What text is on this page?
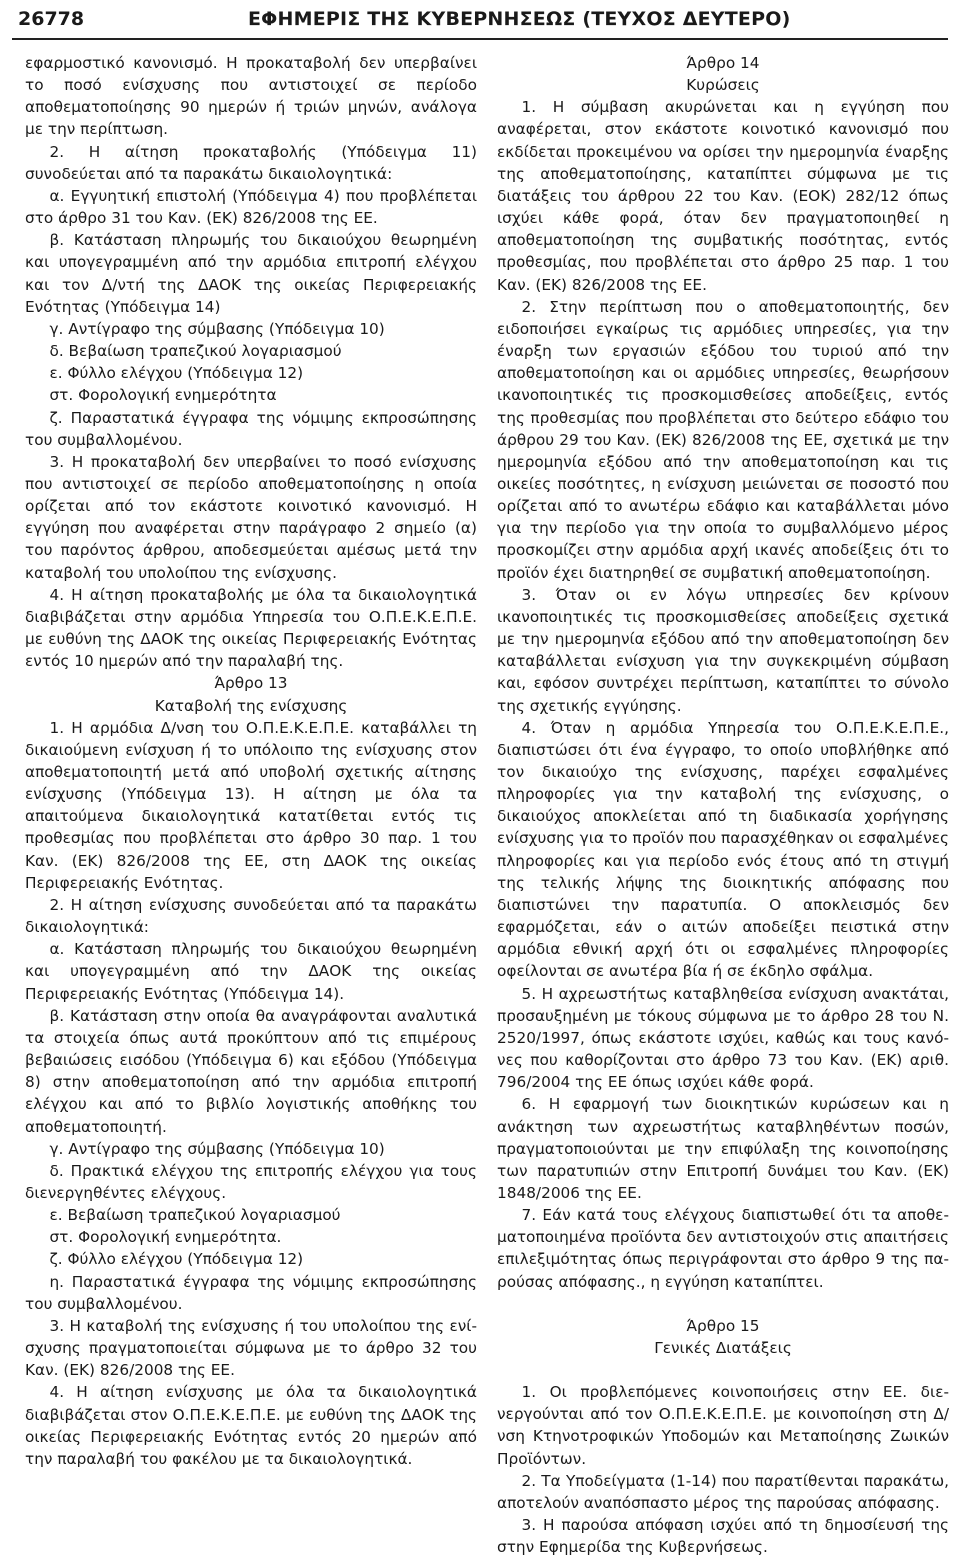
26778	ΕΦΗΜΕΡΙΣ ΤΗΣ ΚΥΒΕΡΝΗΣΕΩΣ (ΤΕΥΧΟΣ ΔΕΥΤΕΡΟ)

εφαρμοστικό κανονισμό. Η προκαταβολή δεν υπερβαίνει το ποσό ενίσχυσης που αντιστοιχεί σε περίοδο αποθεματοποίησης 90 ημερών ή τριών μηνών, ανάλογα με την περίπτωση.

2. Η αίτηση προκαταβολής (Υπόδειγμα 11) συνοδεύεται από τα παρακάτω δικαιολογητικά:

α. Εγγυητική επιστολή (Υπόδειγμα 4) που προβλέπεται στο άρθρο 31 του Καν. (ΕΚ) 826/2008 της ΕΕ.

β. Κατάσταση πληρωμής του δικαιούχου θεωρημένη και υπογεγραμμένη από την αρμόδια επιτροπή ελέγχου και τον Δ/ντή της ΔΑΟΚ της οικείας Περιφερειακής Ενότητας (Υπόδειγμα 14)

γ. Αντίγραφο της σύμβασης (Υπόδειγμα 10)

δ. Βεβαίωση τραπεζικού λογαριασμού

ε. Φύλλο ελέγχου (Υπόδειγμα 12)

στ. Φορολογική ενημερότητα

ζ. Παραστατικά έγγραφα της νόμιμης εκπροσώπησης του συμβαλλομένου.

3. Η προκαταβολή δεν υπερβαίνει το ποσό ενίσχυσης που αντιστοιχεί σε περίοδο αποθεματοποίησης η οποία ορίζεται από τον εκάστοτε κοινοτικό κανονισμό. Η εγγύηση που αναφέρεται στην παράγραφο 2 σημείο (α) του παρόντος άρθρου, αποδεσμεύεται αμέσως μετά την καταβολή του υπολοίπου της ενίσχυσης.

4. Η αίτηση προκαταβολής με όλα τα δικαιολογητικά διαβιβάζεται στην αρμόδια Υπηρεσία του Ο.Π.Ε.Κ.Ε.Π.Ε. με ευθύνη της ΔΑΟΚ της οικείας Περιφερειακής Ενότητας εντός 10 ημερών από την παραλαβή της.

Άρθρο 13

Καταβολή της ενίσχυσης

1. Η αρμόδια Δ/νση του Ο.Π.Ε.Κ.Ε.Π.Ε. καταβάλλει τη δικαιούμενη ενίσχυση ή το υπόλοιπο της ενίσχυσης στον αποθεματοποιητή μετά από υποβολή σχετικής αίτησης ενίσχυσης (Υπόδειγμα 13). Η αίτηση με όλα τα απαιτούμενα δικαιολογητικά κατατίθεται εντός τις προθεσμίας που προβλέπεται στο άρθρο 30 παρ. 1 του Καν. (ΕΚ) 826/2008 της ΕΕ, στη ΔΑΟΚ της οικείας Περιφερειακής Ενότητας.

2. Η αίτηση ενίσχυσης συνοδεύεται από τα παρακάτω δικαιολογητικά:

α. Κατάσταση πληρωμής του δικαιούχου θεωρημένη και υπογεγραμμένη από την ΔΑΟΚ της οικείας Περιφερειακής Ενότητας (Υπόδειγμα 14).

β. Κατάσταση στην οποία θα αναγράφονται αναλυτικά τα στοιχεία όπως αυτά προκύπτουν από τις επιμέρους βεβαιώσεις εισόδου (Υπόδειγμα 6) και εξόδου (Υπόδειγμα 8) στην αποθεματοποίηση από την αρμόδια επιτροπή ελέγχου και από το βιβλίο λογιστικής αποθήκης του αποθεματοποιητή.

γ. Αντίγραφο της σύμβασης (Υπόδειγμα 10)

δ. Πρακτικά ελέγχου της επιτροπής ελέγχου για τους διενεργηθέντες ελέγχους.

ε. Βεβαίωση τραπεζικού λογαριασμού

στ. Φορολογική ενημερότητα.

ζ. Φύλλο ελέγχου (Υπόδειγμα 12)

η. Παραστατικά έγγραφα της νόμιμης εκπροσώπησης του συμβαλλομένου.

3. Η καταβολή της ενίσχυσης ή του υπολοίπου της ενίσχυσης πραγματοποιείται σύμφωνα με το άρθρο 32 του Καν. (ΕΚ) 826/2008 της ΕΕ.

4. Η αίτηση ενίσχυσης με όλα τα δικαιολογητικά διαβιβάζεται στον Ο.Π.Ε.Κ.Ε.Π.Ε. με ευθύνη της ΔΑΟΚ της οικείας Περιφερειακής Ενότητας εντός 20 ημερών από την παραλαβή του φακέλου με τα δικαιολογητικά.

Άρθρο 14

Κυρώσεις

1. Η σύμβαση ακυρώνεται και η εγγύηση που αναφέρεται, στον εκάστοτε κοινοτικό κανονισμό που εκδίδεται προκειμένου να ορίσει την ημερομηνία έναρξης της αποθεματοποίησης, καταπίπτει σύμφωνα με τις διατάξεις του άρθρου 22 του Καν. (ΕΟΚ) 282/12 όπως ισχύει κάθε φορά, όταν δεν πραγματοποιηθεί η αποθεματοποίηση της συμβατικής ποσότητας, εντός προθεσμίας, που προβλέπεται στο άρθρο 25 παρ. 1 του Καν. (ΕΚ) 826/2008 της ΕΕ.

2. Στην περίπτωση που ο αποθεματοποιητής, δεν ειδοποιήσει εγκαίρως τις αρμόδιες υπηρεσίες, για την έναρξη των εργασιών εξόδου του τυριού από την αποθεματοποίηση και οι αρμόδιες υπηρεσίες, θεωρήσουν ικανοποιητικές τις προσκομισθείσες αποδείξεις, εντός της προθεσμίας που προβλέπεται στο δεύτερο εδάφιο του άρθρου 29 του Καν. (ΕΚ) 826/2008 της ΕΕ, σχετικά με την ημερομηνία εξόδου από την αποθεματοποίηση και τις οικείες ποσότητες, η ενίσχυση μειώνεται σε ποσοστό που ορίζεται από το ανωτέρω εδάφιο και καταβάλλεται μόνο για την περίοδο για την οποία το συμβαλλόμενο μέρος προσκομίζει στην αρμόδια αρχή ικανές αποδείξεις ότι το προϊόν έχει διατηρηθεί σε συμβατική αποθεματοποίηση.

3. Όταν οι εν λόγω υπηρεσίες δεν κρίνουν ικανοποιητικές τις προσκομισθείσες αποδείξεις σχετικά με την ημερομηνία εξόδου από την αποθεματοποίηση δεν καταβάλλεται ενίσχυση για την συγκεκριμένη σύμβαση και, εφόσον συντρέχει περίπτωση, καταπίπτει το σύνολο της σχετικής εγγύησης.

4. Όταν η αρμόδια Υπηρεσία του Ο.Π.Ε.Κ.Ε.Π.Ε., διαπιστώσει ότι ένα έγγραφο, το οποίο υποβλήθηκε από τον δικαιούχο της ενίσχυσης, παρέχει εσφαλμένες πληροφορίες για την καταβολή της ενίσχυσης, ο δικαιούχος αποκλείεται από τη διαδικασία χορήγησης ενίσχυσης για το προϊόν που παρασχέθηκαν οι εσφαλμένες πληροφορίες και για περίοδο ενός έτους από τη στιγμή της τελικής λήψης της διοικητικής απόφασης που διαπιστώνει την παρατυπία. Ο αποκλεισμός δεν εφαρμόζεται, εάν ο αιτών αποδείξει πειστικά στην αρμόδια εθνική αρχή ότι οι εσφαλμένες πληροφορίες οφείλονται σε ανωτέρα βία ή σε έκδηλο σφάλμα.

5. Η αχρεωστήτως καταβληθείσα ενίσχυση ανακτάται, προσαυξημένη με τόκους σύμφωνα με το άρθρο 28 του Ν. 2520/1997, όπως εκάστοτε ισχύει, καθώς και τους κανόνες που καθορίζονται στο άρθρο 73 του Καν. (ΕΚ) αριθ. 796/2004 της ΕΕ όπως ισχύει κάθε φορά.

6. Η εφαρμογή των διοικητικών κυρώσεων και η ανάκτηση των αχρεωστήτως καταβληθέντων ποσών, πραγματοποιούνται με την επιφύλαξη της κοινοποίησης των παρατυπιών στην Επιτροπή δυνάμει του Καν. (ΕΚ) 1848/2006 της ΕΕ.

7. Εάν κατά τους ελέγχους διαπιστωθεί ότι τα αποθεματοποιημένα προϊόντα δεν αντιστοιχούν στις απαιτήσεις επιλεξιμότητας όπως περιγράφονται στο άρθρο 9 της παρούσας απόφασης., η εγγύηση καταπίπτει.

Άρθρο 15

Γενικές Διατάξεις

1. Οι προβλεπόμενες κοινοποιήσεις στην ΕΕ. διενεργούνται από τον Ο.Π.Ε.Κ.Ε.Π.Ε. με κοινοποίηση στη Δ/νση Κτηνοτροφικών Υποδομών και Μεταποίησης Ζωικών Προϊόντων.

2. Τα Υποδείγματα (1-14) που παρατίθενται παρακάτω, αποτελούν αναπόσπαστο μέρος της παρούσας απόφασης.

3. Η παρούσα απόφαση ισχύει από τη δημοσίευσή της στην Εφημερίδα της Κυβερνήσεως.
